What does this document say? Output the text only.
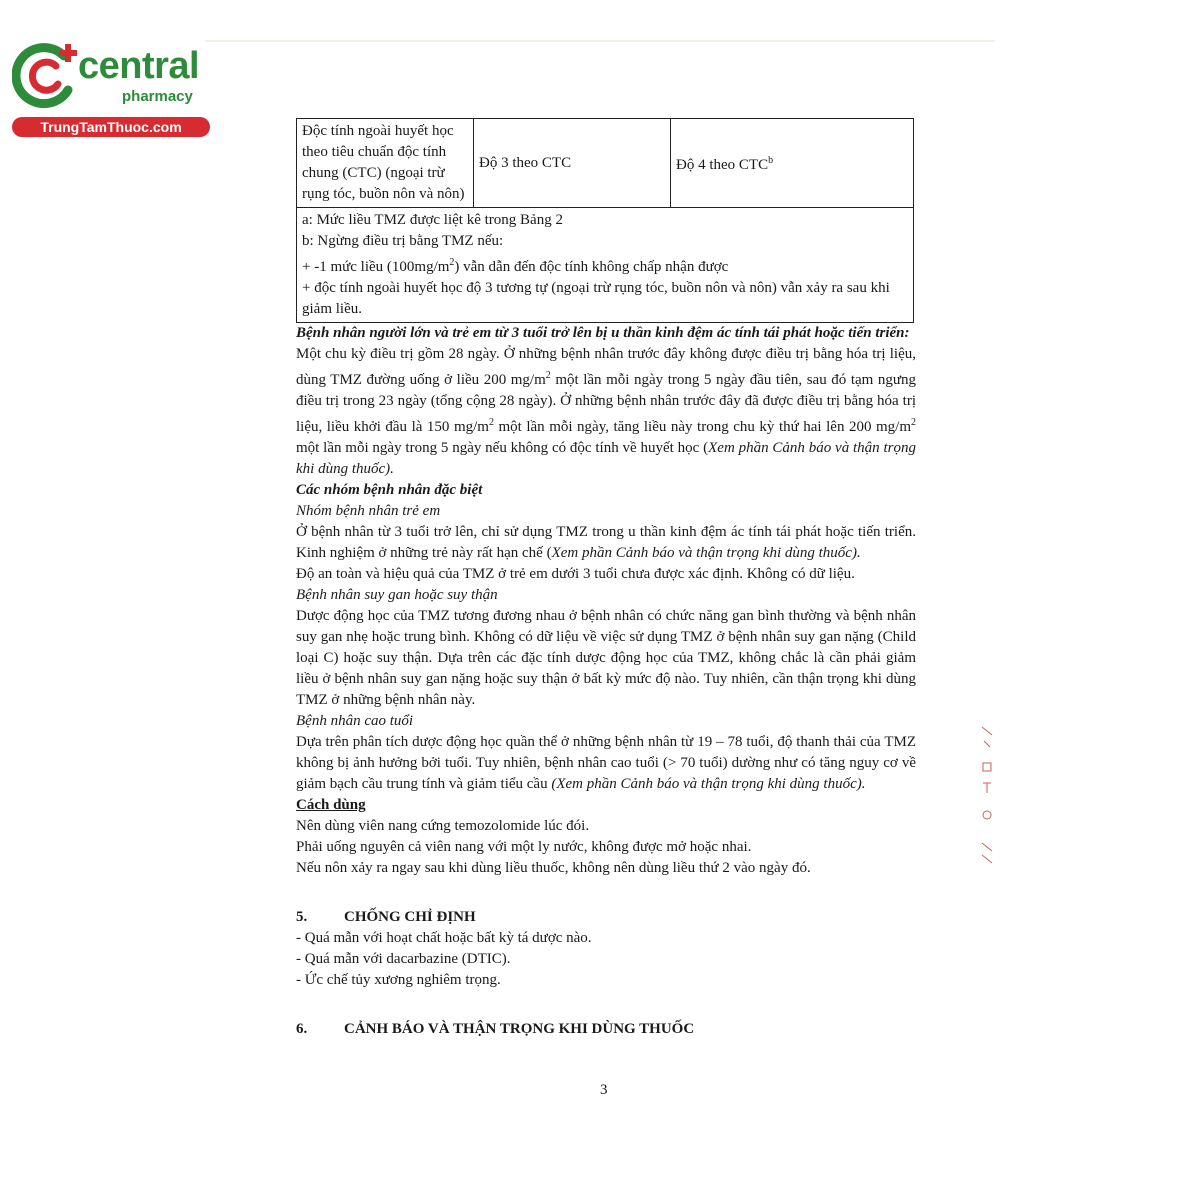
central
pharmacy
TrungTamThuoc.com	Độc tính ngoài huyết học theo tiêu chuẩn độc tính chung (CTC) (ngoại trừ rụng tóc, buồn nôn và nôn)	Độ 3 theo CTC	Độ 4 theo CTC$^b$

a: Mức liều TMZ được liệt kê trong Bảng 2

b: Ngừng điều trị bằng TMZ nếu:

+ -1 mức liều $(100mg/m^2)$ vẫn dẫn đến độc tính không chấp nhận được

+ độc tính ngoài huyết học độ 3 tương tự (ngoại trừ rụng tóc, buồn nôn và nôn) vẫn xảy ra sau khi giảm liều.

Bệnh nhân người lớn và trẻ em từ 3 tuổi trở lên bị u thần kinh đệm ác tính tái phát hoặc tiến triển:

Một chu kỳ điều trị gồm 28 ngày. Ở những bệnh nhân trước đây không được điều trị bằng hóa trị liệu, dùng TMZ đường uống ở liều 200 $mg/m^2$ một lần mỗi ngày trong 5 ngày đầu tiên, sau đó tạm ngưng điều trị trong 23 ngày (tổng cộng 28 ngày). Ở những bệnh nhân trước đây đã được điều trị bằng hóa trị liệu, liều khởi đầu là 150 $mg/m^2$ một lần mỗi ngày, tăng liều này trong chu kỳ thứ hai lên 200 $mg/m^2$ một lần mỗi ngày trong 5 ngày nếu không có độc tính về huyết học (Xem phần Cảnh báo và thận trọng khi dùng thuốc).

Các nhóm bệnh nhân đặc biệt

Nhóm bệnh nhân trẻ em

Ở bệnh nhân từ 3 tuổi trở lên, chỉ sử dụng TMZ trong u thần kinh đệm ác tính tái phát hoặc tiến triển. Kinh nghiệm ở những trẻ này rất hạn chế (Xem phần Cảnh báo và thận trọng khi dùng thuốc).

Độ an toàn và hiệu quả của TMZ ở trẻ em dưới 3 tuổi chưa được xác định. Không có dữ liệu.

Bệnh nhân suy gan hoặc suy thận

Dược động học của TMZ tương đương nhau ở bệnh nhân có chức năng gan bình thường và bệnh nhân suy gan nhẹ hoặc trung bình. Không có dữ liệu về việc sử dụng TMZ ở bệnh nhân suy gan nặng (Child loại C) hoặc suy thận. Dựa trên các đặc tính dược động học của TMZ, không chắc là cần phải giảm liều ở bệnh nhân suy gan nặng hoặc suy thận ở bất kỳ mức độ nào. Tuy nhiên, cần thận trọng khi dùng TMZ ở những bệnh nhân này.

Bệnh nhân cao tuổi

Dựa trên phân tích dược động học quần thể ở những bệnh nhân từ 19 – 78 tuổi, độ thanh thải của TMZ không bị ảnh hưởng bởi tuổi. Tuy nhiên, bệnh nhân cao tuổi (> 70 tuổi) dường như có tăng nguy cơ về giảm bạch cầu trung tính và giảm tiểu cầu (Xem phần Cảnh báo và thận trọng khi dùng thuốc).

Cách dùng

Nên dùng viên nang cứng temozolomide lúc đói.

Phải uống nguyên cả viên nang với một ly nước, không được mở hoặc nhai.

Nếu nôn xảy ra ngay sau khi dùng liều thuốc, không nên dùng liều thứ 2 vào ngày đó.

5. CHỐNG CHỈ ĐỊNH

- Quá mẫn với hoạt chất hoặc bất kỳ tá dược nào.

- Quá mẫn với dacarbazine (DTIC).

- Ức chế tủy xương nghiêm trọng.

6. CẢNH BÁO VÀ THẬN TRỌNG KHI DÙNG THUỐC

3
